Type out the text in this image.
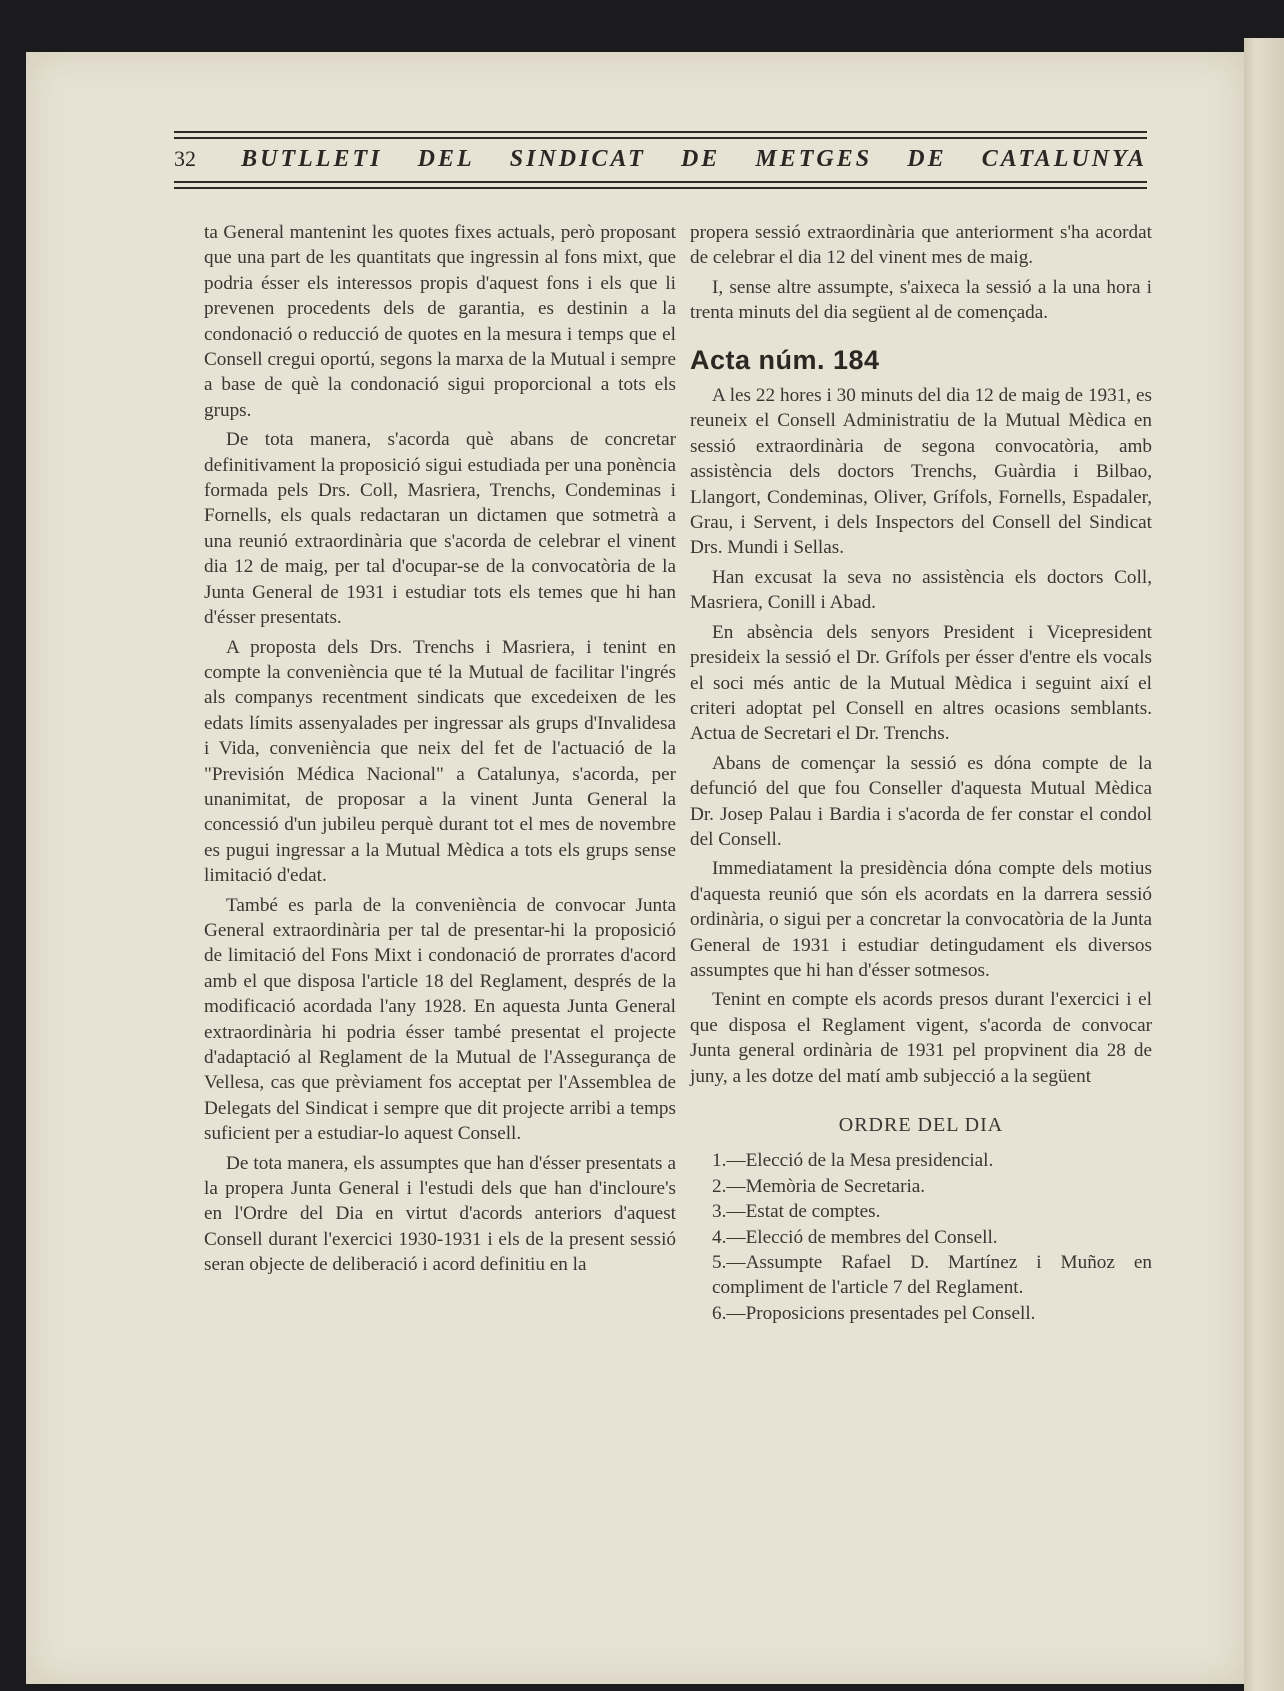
32 BUTLLETI DEL SINDICAT DE METGES DE CATALUNYA

ta General mantenint les quotes fixes actuals, però proposant que una part de les quantitats que ingressin al fons mixt, que podria ésser els interessos propis d'aquest fons i els que li prevenen procedents dels de garantia, es destinin a la condonació o reducció de quotes en la mesura i temps que el Consell cregui oportú, segons la marxa de la Mutual i sempre a base de què la condonació sigui proporcional a tots els grups.

De tota manera, s'acorda què abans de concretar definitivament la proposició sigui estudiada per una ponència formada pels Drs. Coll, Masriera, Trenchs, Condeminas i Fornells, els quals redactaran un dictamen que sotmetrà a una reunió extraordinària que s'acorda de celebrar el vinent dia 12 de maig, per tal d'ocupar-se de la convocatòria de la Junta General de 1931 i estudiar tots els temes que hi han d'ésser presentats.

A proposta dels Drs. Trenchs i Masriera, i tenint en compte la conveniència que té la Mutual de facilitar l'ingrés als companys recentment sindicats que excedeixen de les edats límits assenyalades per ingressar als grups d'Invalidesa i Vida, conveniència que neix del fet de l'actuació de la "Previsión Médica Nacional" a Catalunya, s'acorda, per unanimitat, de proposar a la vinent Junta General la concessió d'un jubileu perquè durant tot el mes de novembre es pugui ingressar a la Mutual Mèdica a tots els grups sense limitació d'edat.

També es parla de la conveniència de convocar Junta General extraordinària per tal de presentar-hi la proposició de limitació del Fons Mixt i condonació de prorrates d'acord amb el que disposa l'article 18 del Reglament, després de la modificació acordada l'any 1928. En aquesta Junta General extraordinària hi podria ésser també presentat el projecte d'adaptació al Reglament de la Mutual de l'Assegurança de Vellesa, cas que prèviament fos acceptat per l'Assemblea de Delegats del Sindicat i sempre que dit projecte arribi a temps suficient per a estudiar-lo aquest Consell.

De tota manera, els assumptes que han d'ésser presentats a la propera Junta General i l'estudi dels que han d'incloure's en l'Ordre del Dia en virtut d'acords anteriors d'aquest Consell durant l'exercici 1930-1931 i els de la present sessió seran objecte de deliberació i acord definitiu en la

propera sessió extraordinària que anteriorment s'ha acordat de celebrar el dia 12 del vinent mes de maig.

I, sense altre assumpte, s'aixeca la sessió a la una hora i trenta minuts del dia següent al de començada.

Acta núm. 184

A les 22 hores i 30 minuts del dia 12 de maig de 1931, es reuneix el Consell Administratiu de la Mutual Mèdica en sessió extraordinària de segona convocatòria, amb assistència dels doctors Trenchs, Guàrdia i Bilbao, Llangort, Condeminas, Oliver, Grífols, Fornells, Espadaler, Grau, i Servent, i dels Inspectors del Consell del Sindicat Drs. Mundi i Sellas.

Han excusat la seva no assistència els doctors Coll, Masriera, Conill i Abad.

En absència dels senyors President i Vicepresident presideix la sessió el Dr. Grífols per ésser d'entre els vocals el soci més antic de la Mutual Mèdica i seguint així el criteri adoptat pel Consell en altres ocasions semblants. Actua de Secretari el Dr. Trenchs.

Abans de començar la sessió es dóna compte de la defunció del que fou Conseller d'aquesta Mutual Mèdica Dr. Josep Palau i Bardia i s'acorda de fer constar el condol del Consell.

Immediatament la presidència dóna compte dels motius d'aquesta reunió que són els acordats en la darrera sessió ordinària, o sigui per a concretar la convocatòria de la Junta General de 1931 i estudiar detingudament els diversos assumptes que hi han d'ésser sotmesos.

Tenint en compte els acords presos durant l'exercici i el que disposa el Reglament vigent, s'acorda de convocar Junta general ordinària de 1931 pel propvinent dia 28 de juny, a les dotze del matí amb subjecció a la següent

ORDRE DEL DIA
1.—Elecció de la Mesa presidencial.
2.—Memòria de Secretaria.
3.—Estat de comptes.
4.—Elecció de membres del Consell.
5.—Assumpte Rafael D. Martínez i Muñoz en compliment de l'article 7 del Reglament.
6.—Proposicions presentades pel Consell.
